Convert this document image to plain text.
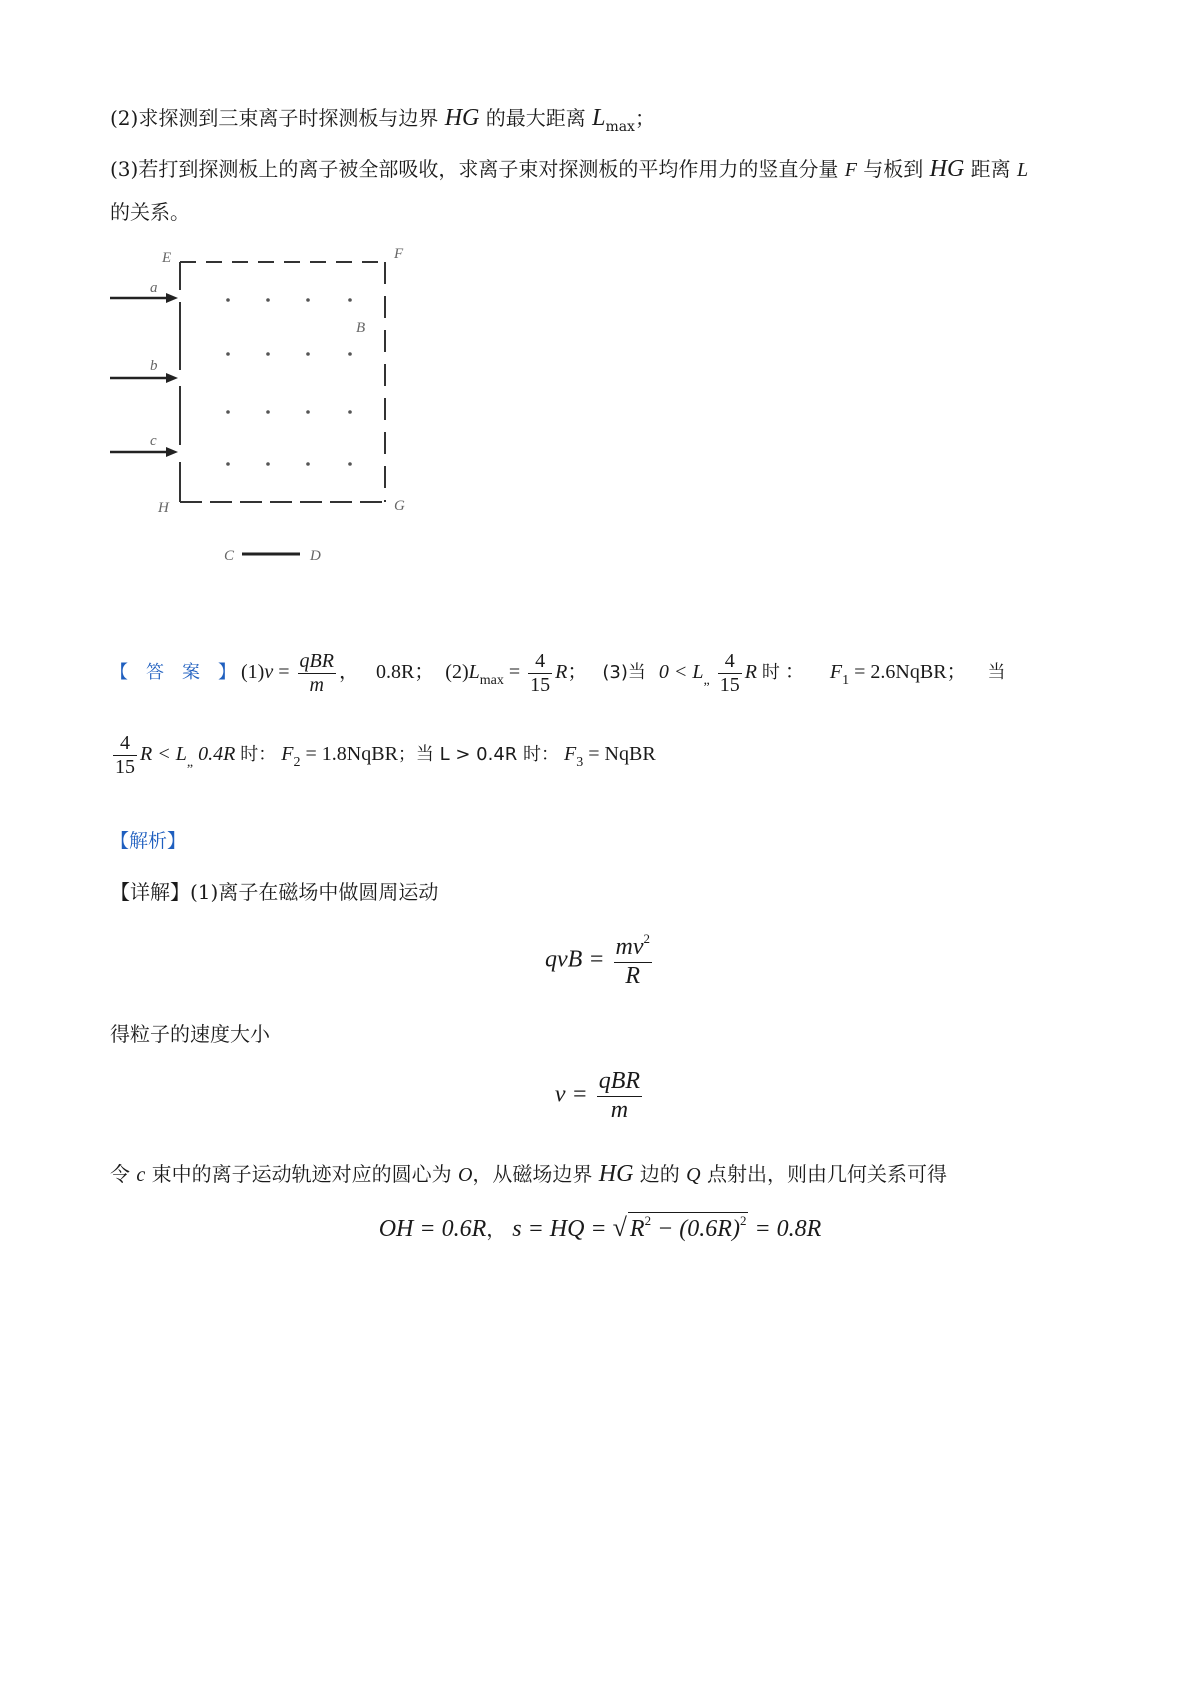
(2)求探测到三束离子时探测板与边界 HG 的最大距离 $L_{max}$；
(3)若打到探测板上的离子被全部吸收，求离子束对探测板的平均作用力的竖直分量 F 与板到 HG 距离 L
的关系。
E	F
H	G
B
a
b
c
C	D
【　答　案　】 $(1)v = \frac{\text{qBR}}{m}$ ， 0.8R； $(2)L_{max} = \frac{4}{15}$ R； (3)当 $0 < L_„ \frac{4}{15}$ R 时 ： $F_1$ = 2.6NqBR； 当
$\frac{4}{15}$ $R < L_„$ 0.4R 时： $F_2$ = 1.8NqBR；当 L > 0.4R 时： $F_3$ = NqBR
【解析】
【详解】(1)离子在磁场中做圆周运动
qvB = $\frac{mv^2}{R}$
得粒子的速度大小
$v = \frac{\text{qBR}}{m}$
令 c 束中的离子运动轨迹对应的圆心为 O，从磁场边界 HG 边的 Q 点射出，则由几何关系可得
OH = 0.6R， s = HQ = √ $R^2 - (0.6R)^2 = 0.8R$
